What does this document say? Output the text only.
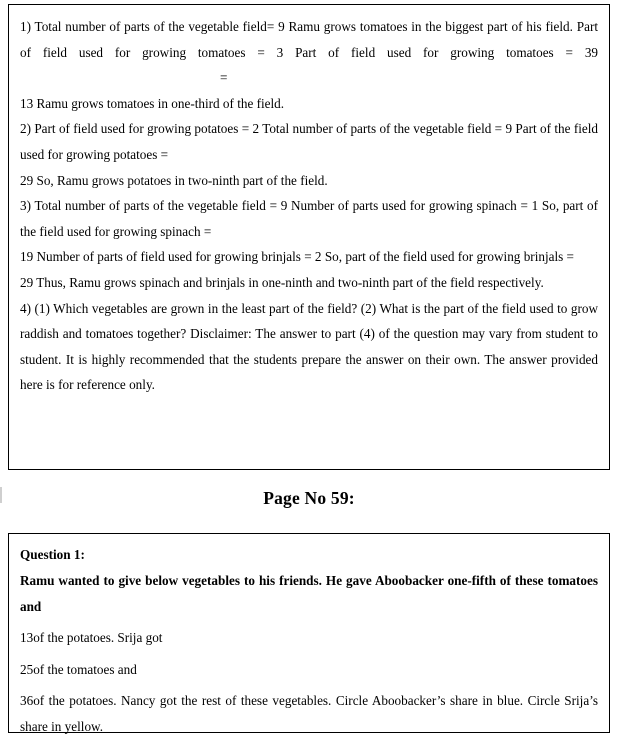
1) Total number of parts of the vegetable field= 9 Ramu grows tomatoes in the biggest part of his field. Part of field used for growing tomatoes = 3 Part of field used for growing tomatoes = 39=

13 Ramu grows tomatoes in one-third of the field.

2) Part of field used for growing potatoes = 2 Total number of parts of the vegetable field = 9 Part of the field used for growing potatoes =

29 So, Ramu grows potatoes in two-ninth part of the field.

3) Total number of parts of the vegetable field = 9 Number of parts used for growing spinach = 1 So, part of the field used for growing spinach =

19 Number of parts of field used for growing brinjals = 2 So, part of the field used for growing brinjals =

29 Thus, Ramu grows spinach and brinjals in one-ninth and two-ninth part of the field respectively.

4) (1) Which vegetables are grown in the least part of the field? (2) What is the part of the field used to grow raddish and tomatoes together? Disclaimer: The answer to part (4) of the question may vary from student to student. It is highly recommended that the students prepare the answer on their own. The answer provided here is for reference only.

Page No 59:
Question 1:
Ramu wanted to give below vegetables to his friends. He gave Aboobacker one-fifth of these tomatoes and
13of the potatoes. Srija got
25of the tomatoes and
36of the potatoes. Nancy got the rest of these vegetables. Circle Aboobacker’s share in blue. Circle Srija’s share in yellow.
